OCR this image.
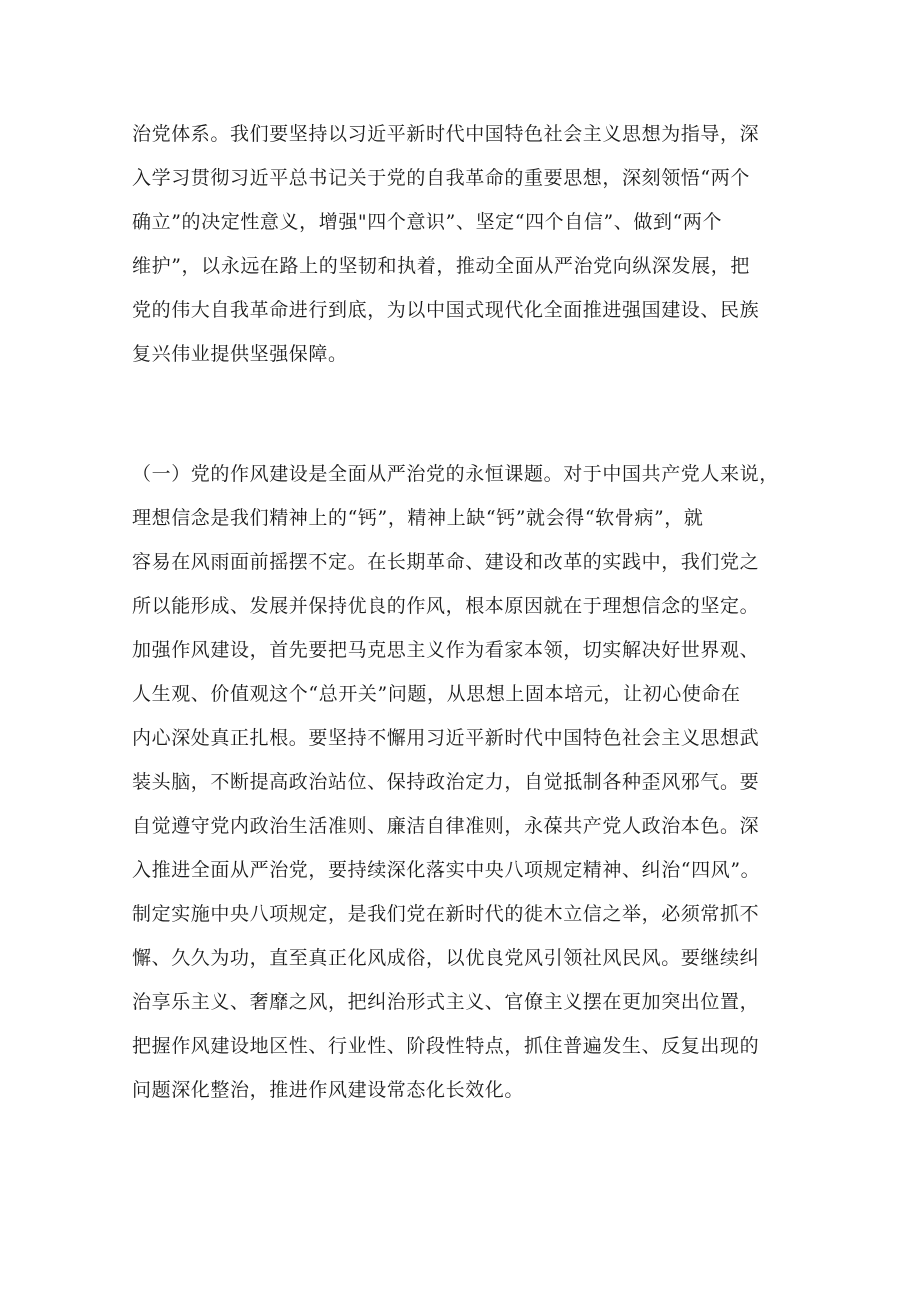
治党体系。我们要坚持以习近平新时代中国特色社会主义思想为指导，深
入学习贯彻习近平总书记关于党的自我革命的重要思想，深刻领悟“两个
确立”的决定性意义，增强"四个意识”、坚定“四个自信”、做到“两个
维护”，以永远在路上的坚韧和执着，推动全面从严治党向纵深发展，把
党的伟大自我革命进行到底，为以中国式现代化全面推进强国建设、民族
复兴伟业提供坚强保障。
（一）党的作风建设是全面从严治党的永恒课题。对于中国共产党人来说，
理想信念是我们精神上的“钙”，精神上缺“钙”就会得“软骨病”，就
容易在风雨面前摇摆不定。在长期革命、建设和改革的实践中，我们党之
所以能形成、发展并保持优良的作风，根本原因就在于理想信念的坚定。
加强作风建设，首先要把马克思主义作为看家本领，切实解决好世界观、
人生观、价值观这个“总开关”问题，从思想上固本培元，让初心使命在
内心深处真正扎根。要坚持不懈用习近平新时代中国特色社会主义思想武
装头脑，不断提高政治站位、保持政治定力，自觉抵制各种歪风邪气。要
自觉遵守党内政治生活准则、廉洁自律准则，永葆共产党人政治本色。深
入推进全面从严治党，要持续深化落实中央八项规定精神、纠治“四风”。
制定实施中央八项规定，是我们党在新时代的徙木立信之举，必须常抓不
懈、久久为功，直至真正化风成俗，以优良党风引领社风民风。要继续纠
治享乐主义、奢靡之风，把纠治形式主义、官僚主义摆在更加突出位置，
把握作风建设地区性、行业性、阶段性特点，抓住普遍发生、反复出现的
问题深化整治，推进作风建设常态化长效化。
